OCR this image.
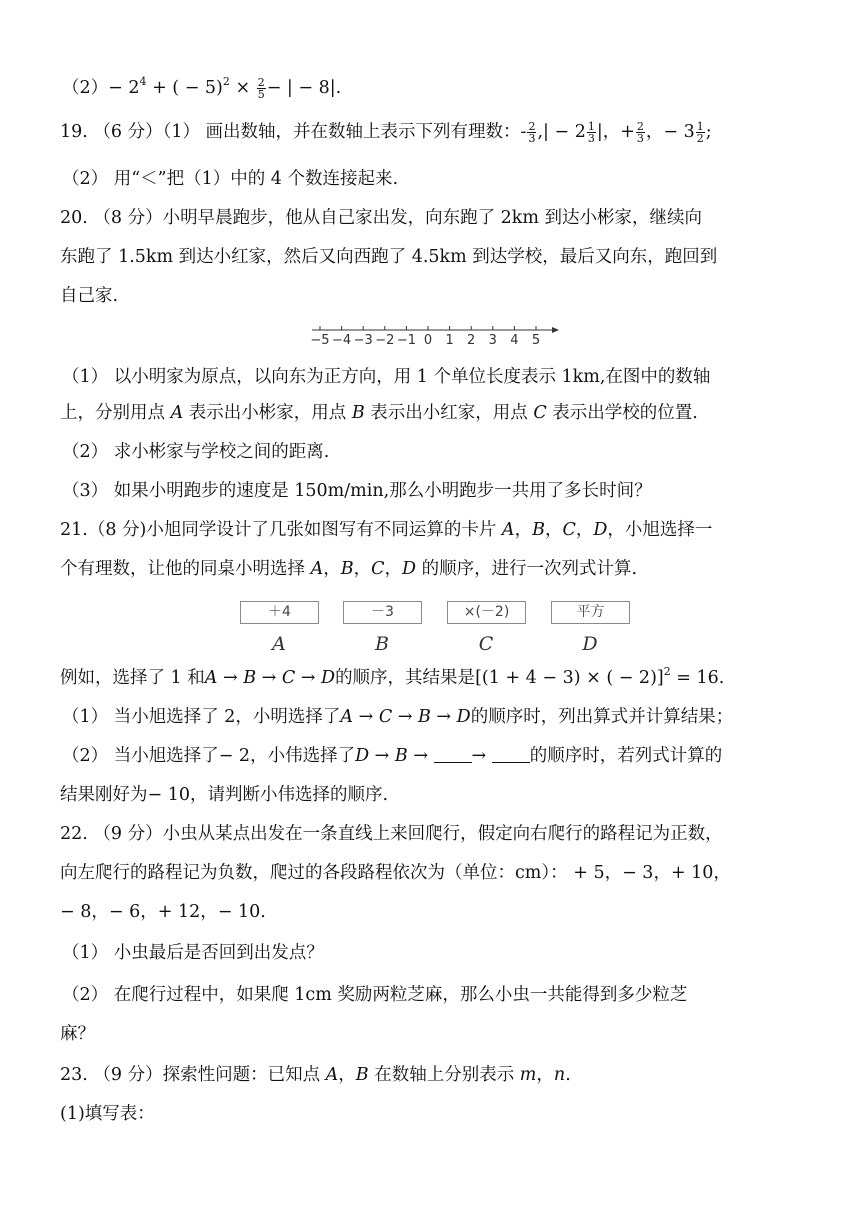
$(2)- 2^4$ + ( − $5)^2 \times \frac{2}{5}$ − | − 8|.
19. （6 分）（1） 画出数轴，并在数轴上表示下列有理数：- $\frac{2}{3}$ ,| − $2 \frac{1}{3}$ |，+ $\frac{2}{3}$ ，− $3 \frac{1}{2}$ ;
（2） 用“＜”把（1）中的 4 个数连接起来.
20. （8 分）小明早晨跑步，他从自己家出发，向东跑了 2km 到达小彬家，继续向
东跑了 1.5km 到达小红家，然后又向西跑了 4.5km 到达学校，最后又向东，跑回到
自己家.
−5 −4 −3 −2 −1 0 1 2 3 4 5
（1） 以小明家为原点，以向东为正方向，用 1 个单位长度表示 1km,在图中的数轴
上，分别用点 A 表示出小彬家，用点 B 表示出小红家，用点 C 表示出学校的位置.
（2） 求小彬家与学校之间的距离.
（3） 如果小明跑步的速度是 150m/min,那么小明跑步一共用了多长时间？
21.（8 分)小旭同学设计了几张如图写有不同运算的卡片 A，B，C，D，小旭选择一
个有理数，让他的同桌小明选择 A，B，C，D 的顺序，进行一次列式计算.
＋4	－3	×(－2)	平方
A	B	C	D
例如，选择了 1 和A → B → C → D的顺序，其结果是[(1 + 4 − 3) × ( − 2)]$^2$ = 16.
（1） 当小旭选择了 2，小明选择了A → C → B → D的顺序时，列出算式并计算结果；
（2） 当小旭选择了− 2，小伟选择了D → B → → 的顺序时，若列式计算的
结果刚好为− 10，请判断小伟选择的顺序.
22. （9 分）小虫从某点出发在一条直线上来回爬行，假定向右爬行的路程记为正数，
向左爬行的路程记为负数，爬过的各段路程依次为（单位：cm）： + 5，− 3，+ 10，
− 8，− 6，+ 12，− 10.
（1） 小虫最后是否回到出发点？
（2） 在爬行过程中，如果爬 1cm 奖励两粒芝麻，那么小虫一共能得到多少粒芝
麻？
23. （9 分）探索性问题：已知点 A，B 在数轴上分别表示 m，n.
(1)填写表：
